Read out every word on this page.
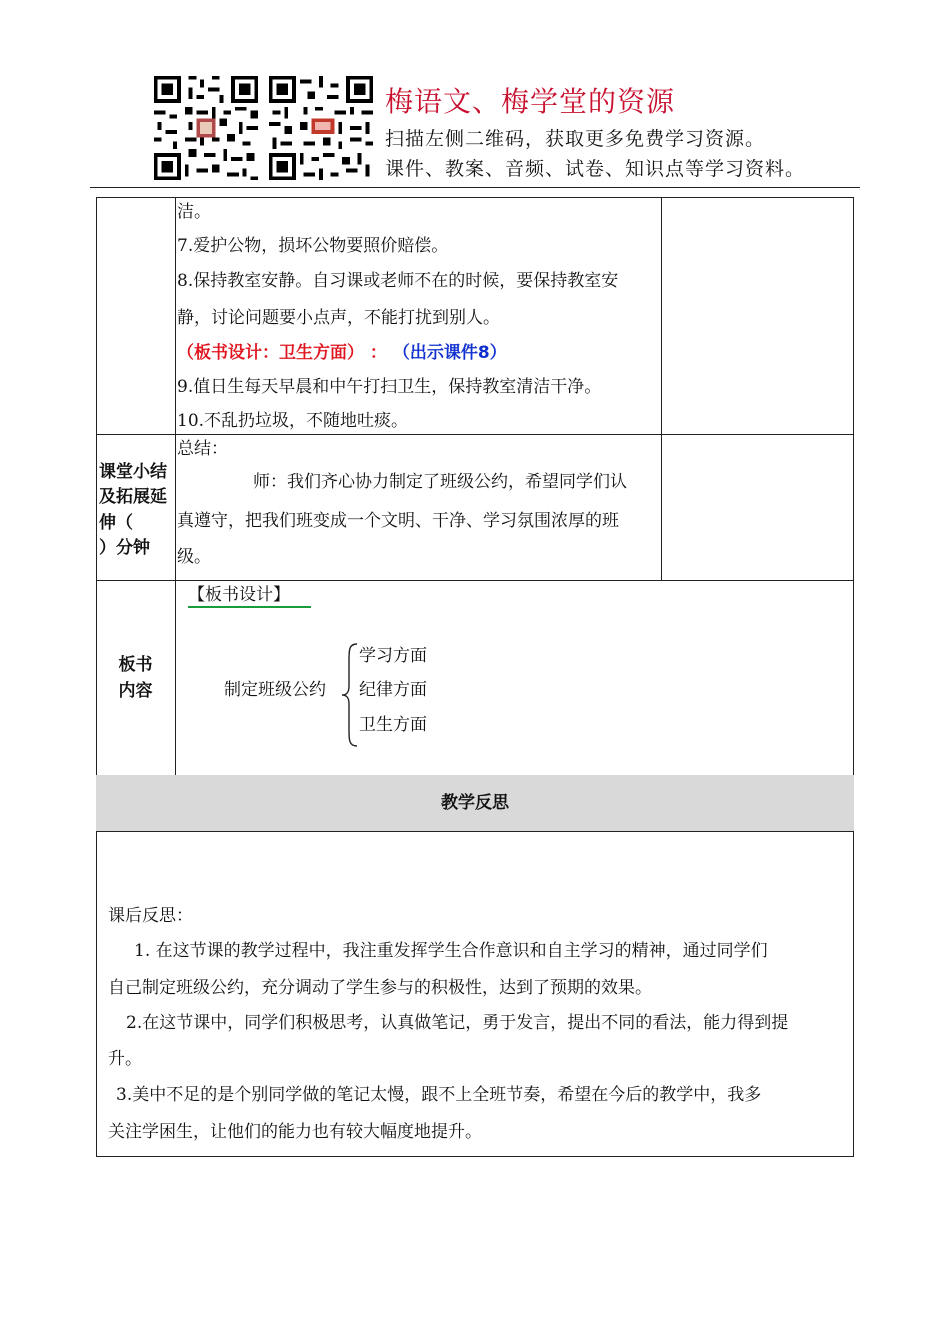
梅语文、梅学堂的资源
扫描左侧二维码，获取更多免费学习资源。
课件、教案、音频、试卷、知识点等学习资料。
洁。
7.爱护公物，损坏公物要照价赔偿。
8.保持教室安静。自习课或老师不在的时候，要保持教室安
静，讨论问题要小点声，不能打扰到别人。
（板书设计：卫生方面） ： （出示课件8）
9.值日生每天早晨和中午打扫卫生，保持教室清洁干净。
10.不乱扔垃圾，不随地吐痰。
课堂小结
及拓展延
伸（
）分钟
总结：
师：我们齐心协力制定了班级公约，希望同学们认
真遵守，把我们班变成一个文明、干净、学习氛围浓厚的班
级。
板书
内容
【板书设计】
制定班级公约
学习方面
纪律方面
卫生方面
教学反思
课后反思：
1. 在这节课的教学过程中，我注重发挥学生合作意识和自主学习的精神，通过同学们
自己制定班级公约，充分调动了学生参与的积极性，达到了预期的效果。
2.在这节课中，同学们积极思考，认真做笔记，勇于发言，提出不同的看法，能力得到提
升。
3.美中不足的是个别同学做的笔记太慢，跟不上全班节奏，希望在今后的教学中，我多
关注学困生，让他们的能力也有较大幅度地提升。
